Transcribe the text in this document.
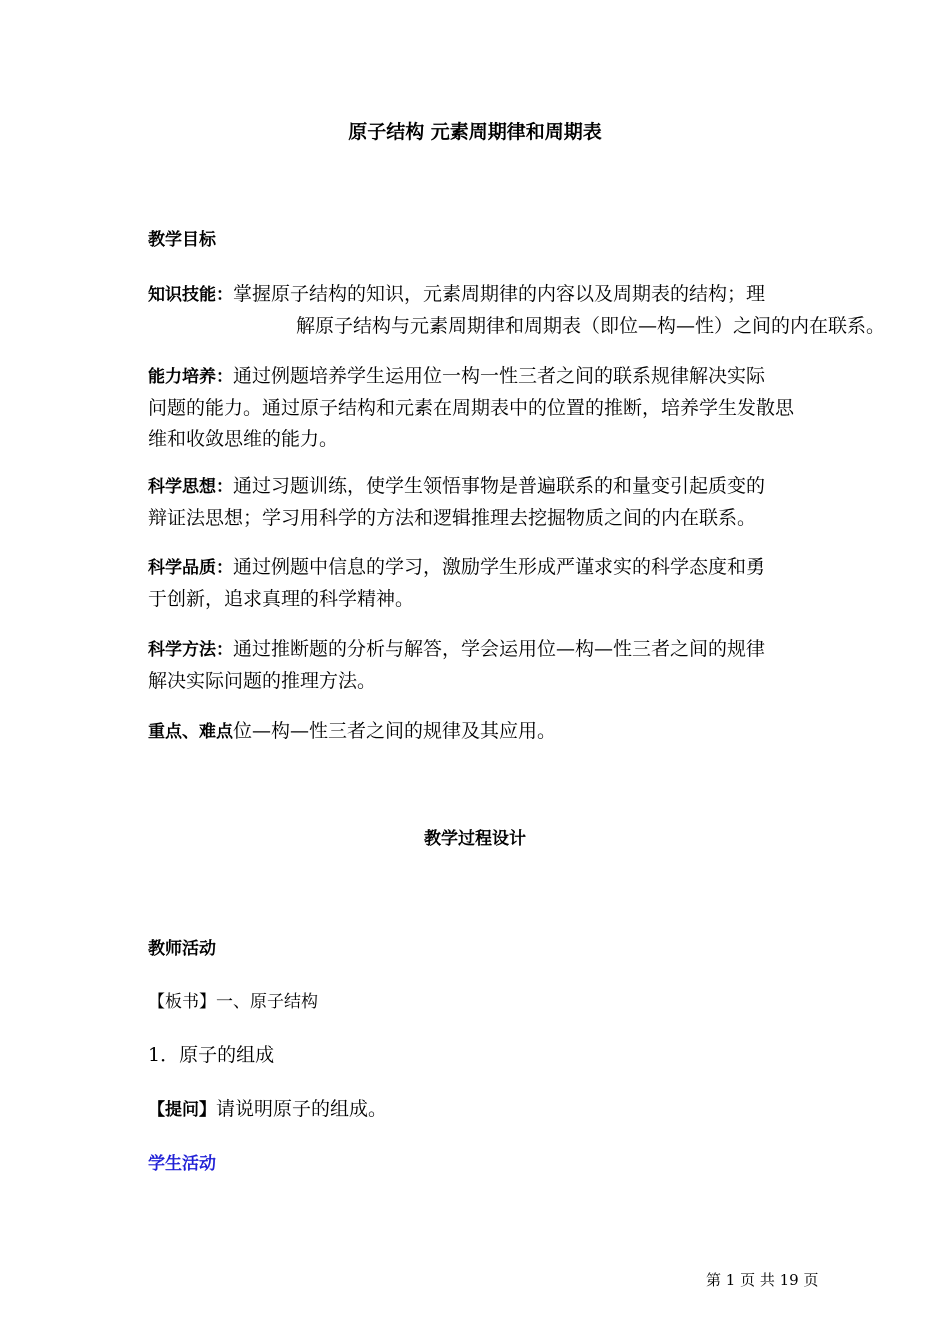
原子结构 元素周期律和周期表
教学目标
知识技能：掌握原子结构的知识，元素周期律的内容以及周期表的结构；理
解原子结构与元素周期律和周期表（即位—构—性）之间的内在联系。
能力培养：通过例题培养学生运用位一构一性三者之间的联系规律解决实际
问题的能力。通过原子结构和元素在周期表中的位置的推断，培养学生发散思
维和收敛思维的能力。
科学思想：通过习题训练，使学生领悟事物是普遍联系的和量变引起质变的
辩证法思想；学习用科学的方法和逻辑推理去挖掘物质之间的内在联系。
科学品质：通过例题中信息的学习，激励学生形成严谨求实的科学态度和勇
于创新，追求真理的科学精神。
科学方法：通过推断题的分析与解答，学会运用位—构—性三者之间的规律
解决实际问题的推理方法。
重点、难点位—构—性三者之间的规律及其应用。
教学过程设计
教师活动
【板书】一、原子结构
1．原子的组成
【提问】请说明原子的组成。
学生活动
第 1 页 共 19 页
